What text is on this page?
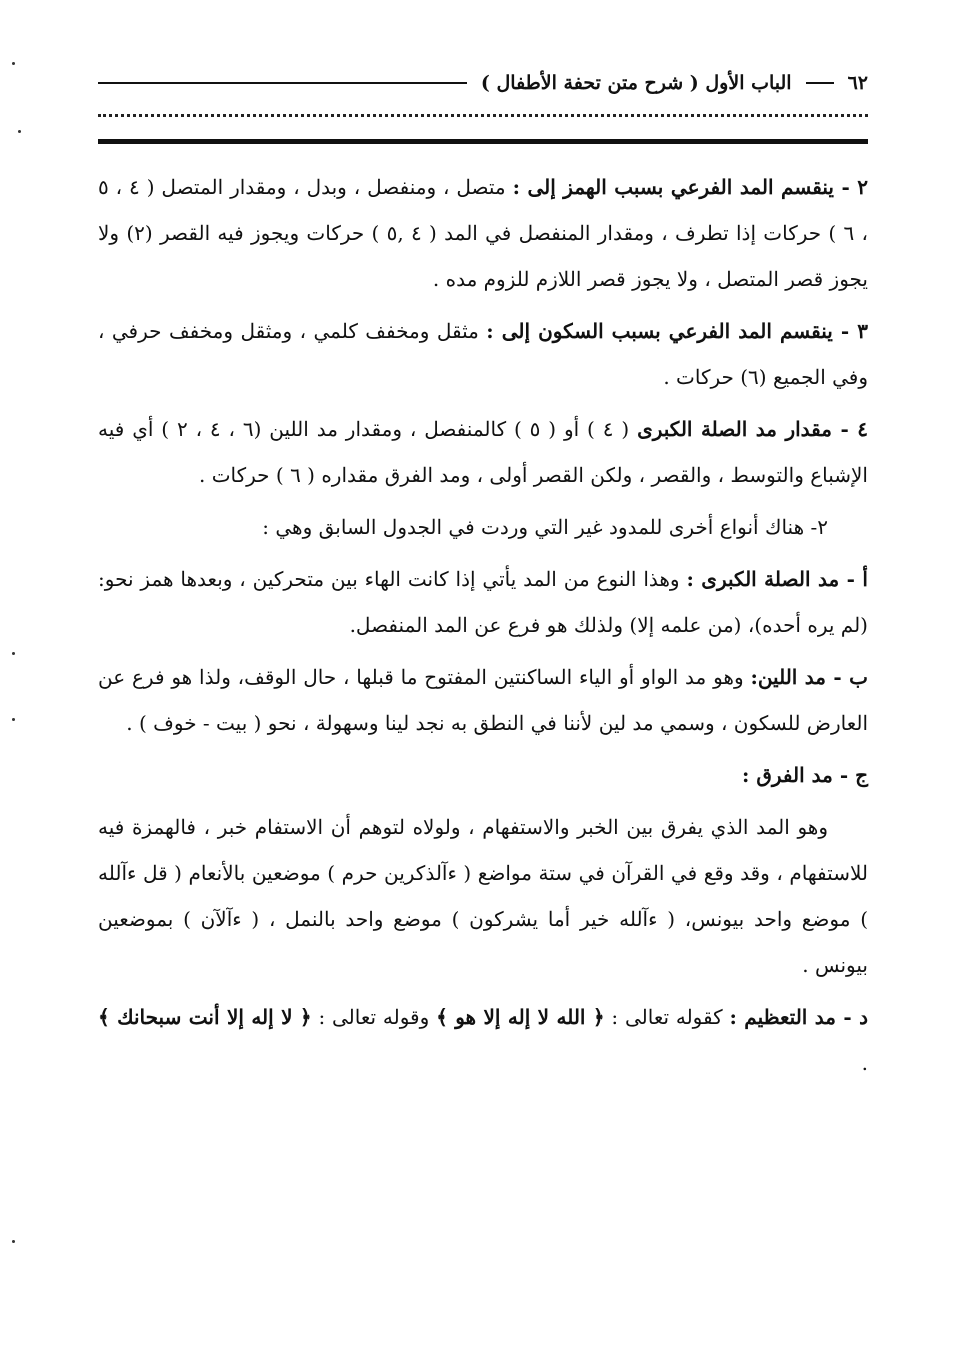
٦٢
الباب الأول ( شرح متن تحفة الأطفال )

٢ - ينقسم المد الفرعي بسبب الهمز إلى : متصل ، ومنفصل ، وبدل ، ومقدار المتصل ( ٤ ، ٥ ، ٦ ) حركات إذا تطرف ، ومقدار المنفصل في المد ( ٤ ,٥ ) حركات ويجوز فيه القصر (٢) ولا يجوز قصر المتصل ، ولا يجوز قصر اللازم للزوم مده .

٣ - ينقسم المد الفرعي بسبب السكون إلى : مثقل ومخفف كلمي ، ومثقل ومخفف حرفي ، وفي الجميع (٦) حركات .

٤ - مقدار مد الصلة الكبرى ( ٤ ) أو ( ٥ ) كالمنفصل ، ومقدار مد اللين (٦ ، ٤ ، ٢ ) أي فيه الإشباع والتوسط ، والقصر ، ولكن القصر أولى ، ومد الفرق مقداره ( ٦ ) حركات .

٢- هناك أنواع أخرى للمدود غير التي وردت في الجدول السابق وهي :

أ - مد الصلة الكبرى : وهذا النوع من المد يأتي إذا كانت الهاء بين متحركين ، وبعدها همز نحو: (لم يره أحده)، (من علمه إلا) ولذلك هو فرع عن المد المنفصل.

ب - مد اللين: وهو مد الواو أو الياء الساكنتين المفتوح ما قبلها ، حال الوقف، ولذا هو فرع عن العارض للسكون ، وسمي مد لين لأننا في النطق به نجد لينا وسهولة ، نحو ( بيت - خوف ) .

ج - مد الفرق :

وهو المد الذي يفرق بين الخبر والاستفهام ، ولولاه لتوهم أن الاستفام خبر ، فالهمزة فيه للاستفهام ، وقد وقع في القرآن في ستة مواضع ( ءآلذكرين حرم ) موضعين بالأنعام ( قل ءآلله ) موضع واحد بيونس، ( ءآلله خير أما يشركون ) موضع واحد بالنمل ، ( ءآلآن ) بموضعين بيونس .

د - مد التعظيم : كقوله تعالى : ﴿ الله لا إله إلا هو ﴾ وقوله تعالى : ﴿ لا إله إلا أنت سبحانك ﴾ .
